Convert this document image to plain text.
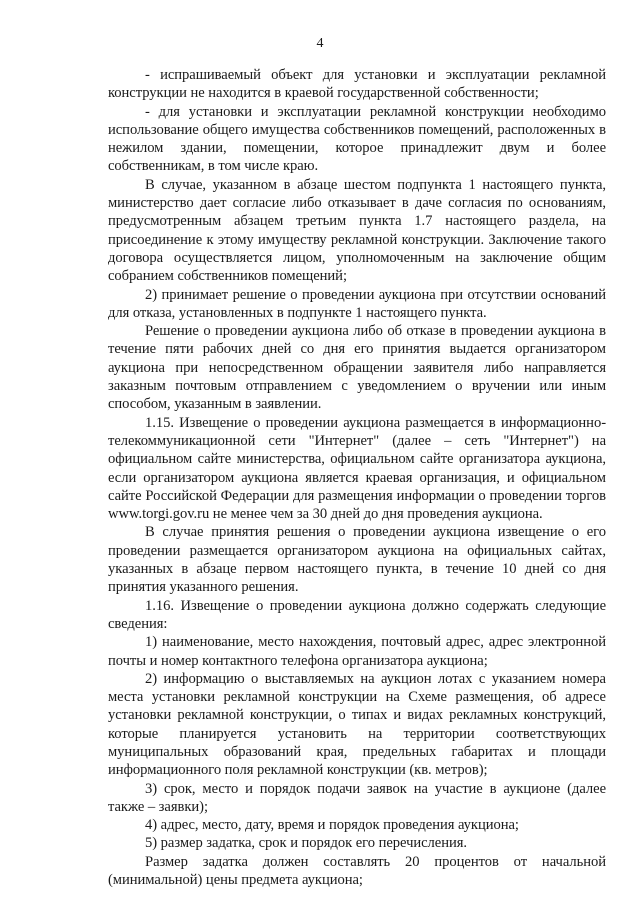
4

- испрашиваемый объект для установки и эксплуатации рекламной конструкции не находится в краевой государственной собственности;

- для установки и эксплуатации рекламной конструкции необходимо использование общего имущества собственников помещений, расположенных в нежилом здании, помещении, которое принадлежит двум и более собственникам, в том числе краю.

В случае, указанном в абзаце шестом подпункта 1 настоящего пункта, министерство дает согласие либо отказывает в даче согласия по основаниям, предусмотренным абзацем третьим пункта 1.7 настоящего раздела, на присоединение к этому имуществу рекламной конструкции. Заключение такого договора осуществляется лицом, уполномоченным на заключение общим собранием собственников помещений;

2) принимает решение о проведении аукциона при отсутствии оснований для отказа, установленных в подпункте 1 настоящего пункта.

Решение о проведении аукциона либо об отказе в проведении аукциона в течение пяти рабочих дней со дня его принятия выдается организатором аукциона при непосредственном обращении заявителя либо направляется заказным почтовым отправлением с уведомлением о вручении или иным способом, указанным в заявлении.

1.15. Извещение о проведении аукциона размещается в информационно-телекоммуникационной сети "Интернет" (далее – сеть "Интернет") на официальном сайте министерства, официальном сайте организатора аукциона, если организатором аукциона является краевая организация, и официальном сайте Российской Федерации для размещения информации о проведении торгов www.torgi.gov.ru не менее чем за 30 дней до дня проведения аукциона.

В случае принятия решения о проведении аукциона извещение о его проведении размещается организатором аукциона на официальных сайтах, указанных в абзаце первом настоящего пункта, в течение 10 дней со дня принятия указанного решения.

1.16. Извещение о проведении аукциона должно содержать следующие сведения:

1) наименование, место нахождения, почтовый адрес, адрес электронной почты и номер контактного телефона организатора аукциона;

2) информацию о выставляемых на аукцион лотах с указанием номера места установки рекламной конструкции на Схеме размещения, об адресе установки рекламной конструкции, о типах и видах рекламных конструкций, которые планируется установить на территории соответствующих муниципальных образований края, предельных габаритах и площади информационного поля рекламной конструкции (кв. метров);

3) срок, место и порядок подачи заявок на участие в аукционе (далее также – заявки);

4) адрес, место, дату, время и порядок проведения аукциона;

5) размер задатка, срок и порядок его перечисления.

Размер задатка должен составлять 20 процентов от начальной (минимальной) цены предмета аукциона;
